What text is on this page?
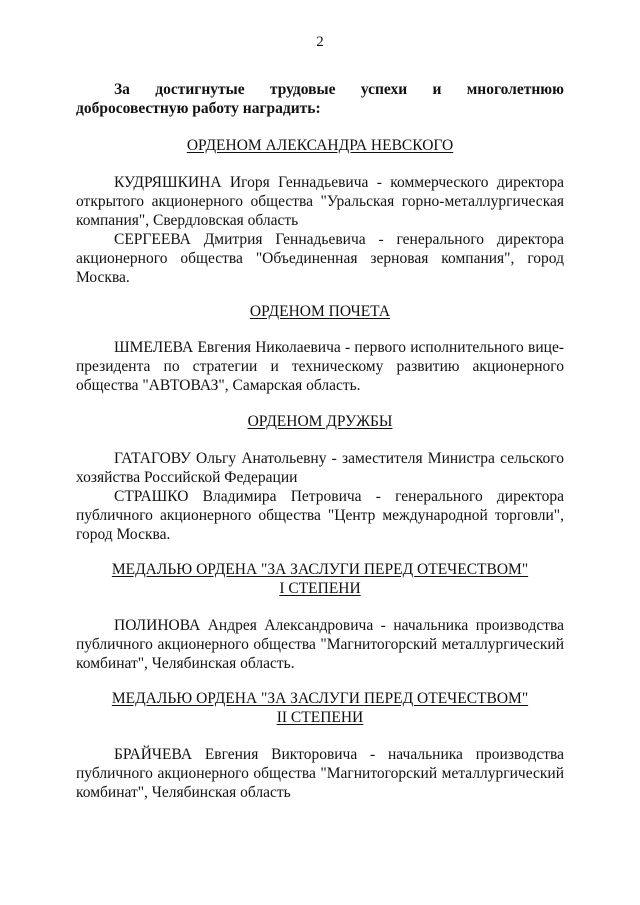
2
За достигнутые трудовые успехи и многолетнюю
добросовестную работу наградить:
ОРДЕНОМ АЛЕКСАНДРА НЕВСКОГО
КУДРЯШКИНА Игоря Геннадьевича - коммерческого директора открытого акционерного общества "Уральская горно-металлургическая компания", Свердловская область
СЕРГЕЕВА Дмитрия Геннадьевича - генерального директора акционерного общества "Объединенная зерновая компания", город Москва.
ОРДЕНОМ ПОЧЕТА
ШМЕЛЕВА Евгения Николаевича - первого исполнительного вице-президента по стратегии и техническому развитию акционерного общества "АВТОВАЗ", Самарская область.
ОРДЕНОМ ДРУЖБЫ
ГАТАГОВУ Ольгу Анатольевну - заместителя Министра сельского хозяйства Российской Федерации
СТРАШКО Владимира Петровича - генерального директора публичного акционерного общества "Центр международной торговли", город Москва.
МЕДАЛЬЮ ОРДЕНА "ЗА ЗАСЛУГИ ПЕРЕД ОТЕЧЕСТВОМ"
I СТЕПЕНИ
ПОЛИНОВА Андрея Александровича - начальника производства публичного акционерного общества "Магнитогорский металлургический комбинат", Челябинская область.
МЕДАЛЬЮ ОРДЕНА "ЗА ЗАСЛУГИ ПЕРЕД ОТЕЧЕСТВОМ"
II СТЕПЕНИ
БРАЙЧЕВА Евгения Викторовича - начальника производства публичного акционерного общества "Магнитогорский металлургический комбинат", Челябинская область
